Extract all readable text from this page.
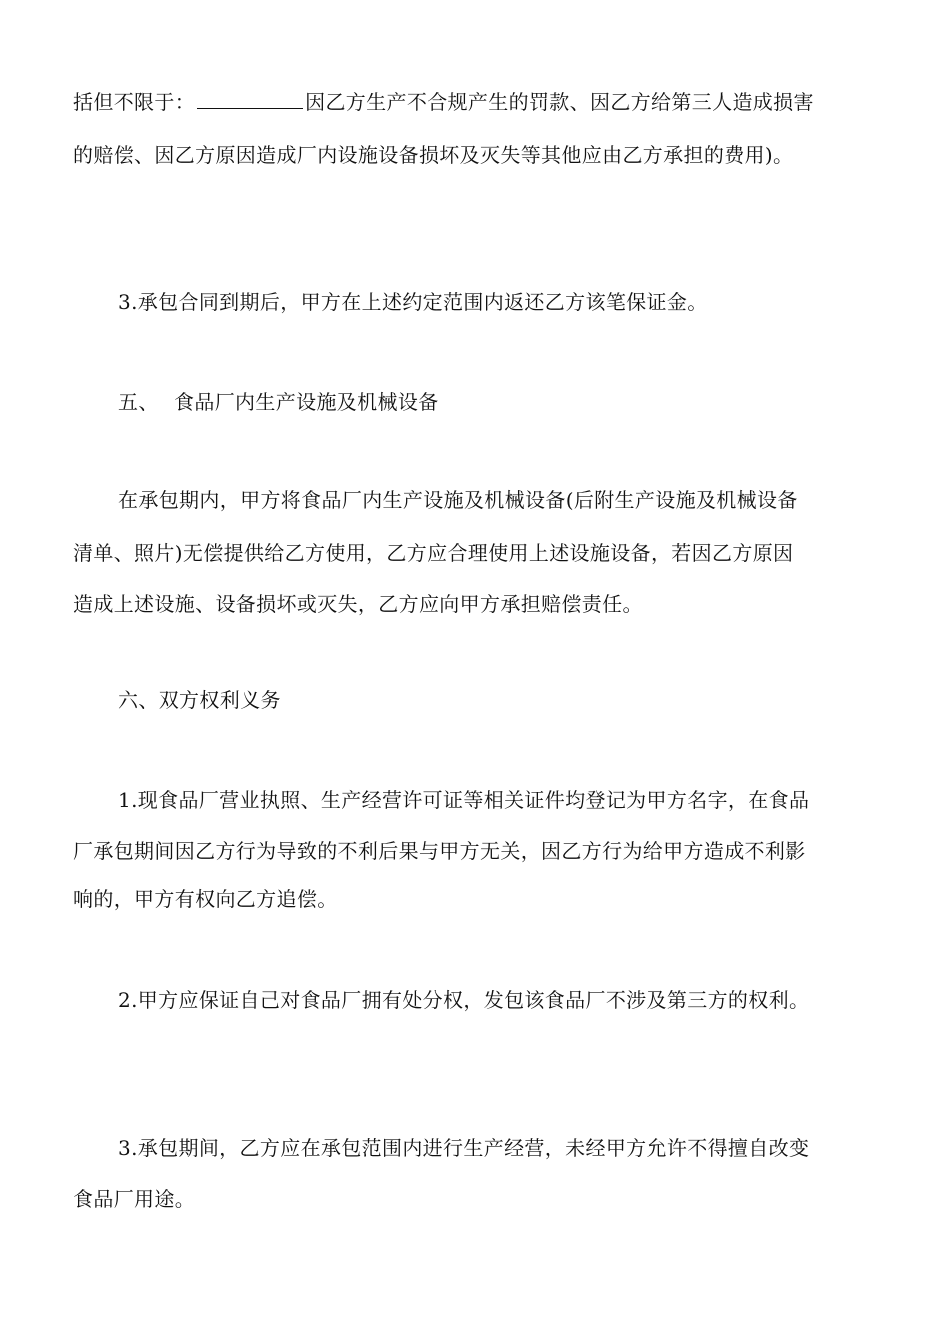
括但不限于：	因乙方生产不合规产生的罚款、因乙方给第三人造成损害
的赔偿、因乙方原因造成厂内设施设备损坏及灭失等其他应由乙方承担的费用)。
3.承包合同到期后，甲方在上述约定范围内返还乙方该笔保证金。
五、 食品厂内生产设施及机械设备
在承包期内，甲方将食品厂内生产设施及机械设备(后附生产设施及机械设备
清单、照片)无偿提供给乙方使用，乙方应合理使用上述设施设备，若因乙方原因
造成上述设施、设备损坏或灭失，乙方应向甲方承担赔偿责任。
六、双方权利义务
1.现食品厂营业执照、生产经营许可证等相关证件均登记为甲方名字，在食品
厂承包期间因乙方行为导致的不利后果与甲方无关，因乙方行为给甲方造成不利影
响的，甲方有权向乙方追偿。
2.甲方应保证自己对食品厂拥有处分权，发包该食品厂不涉及第三方的权利。
3.承包期间，乙方应在承包范围内进行生产经营，未经甲方允许不得擅自改变
食品厂用途。
